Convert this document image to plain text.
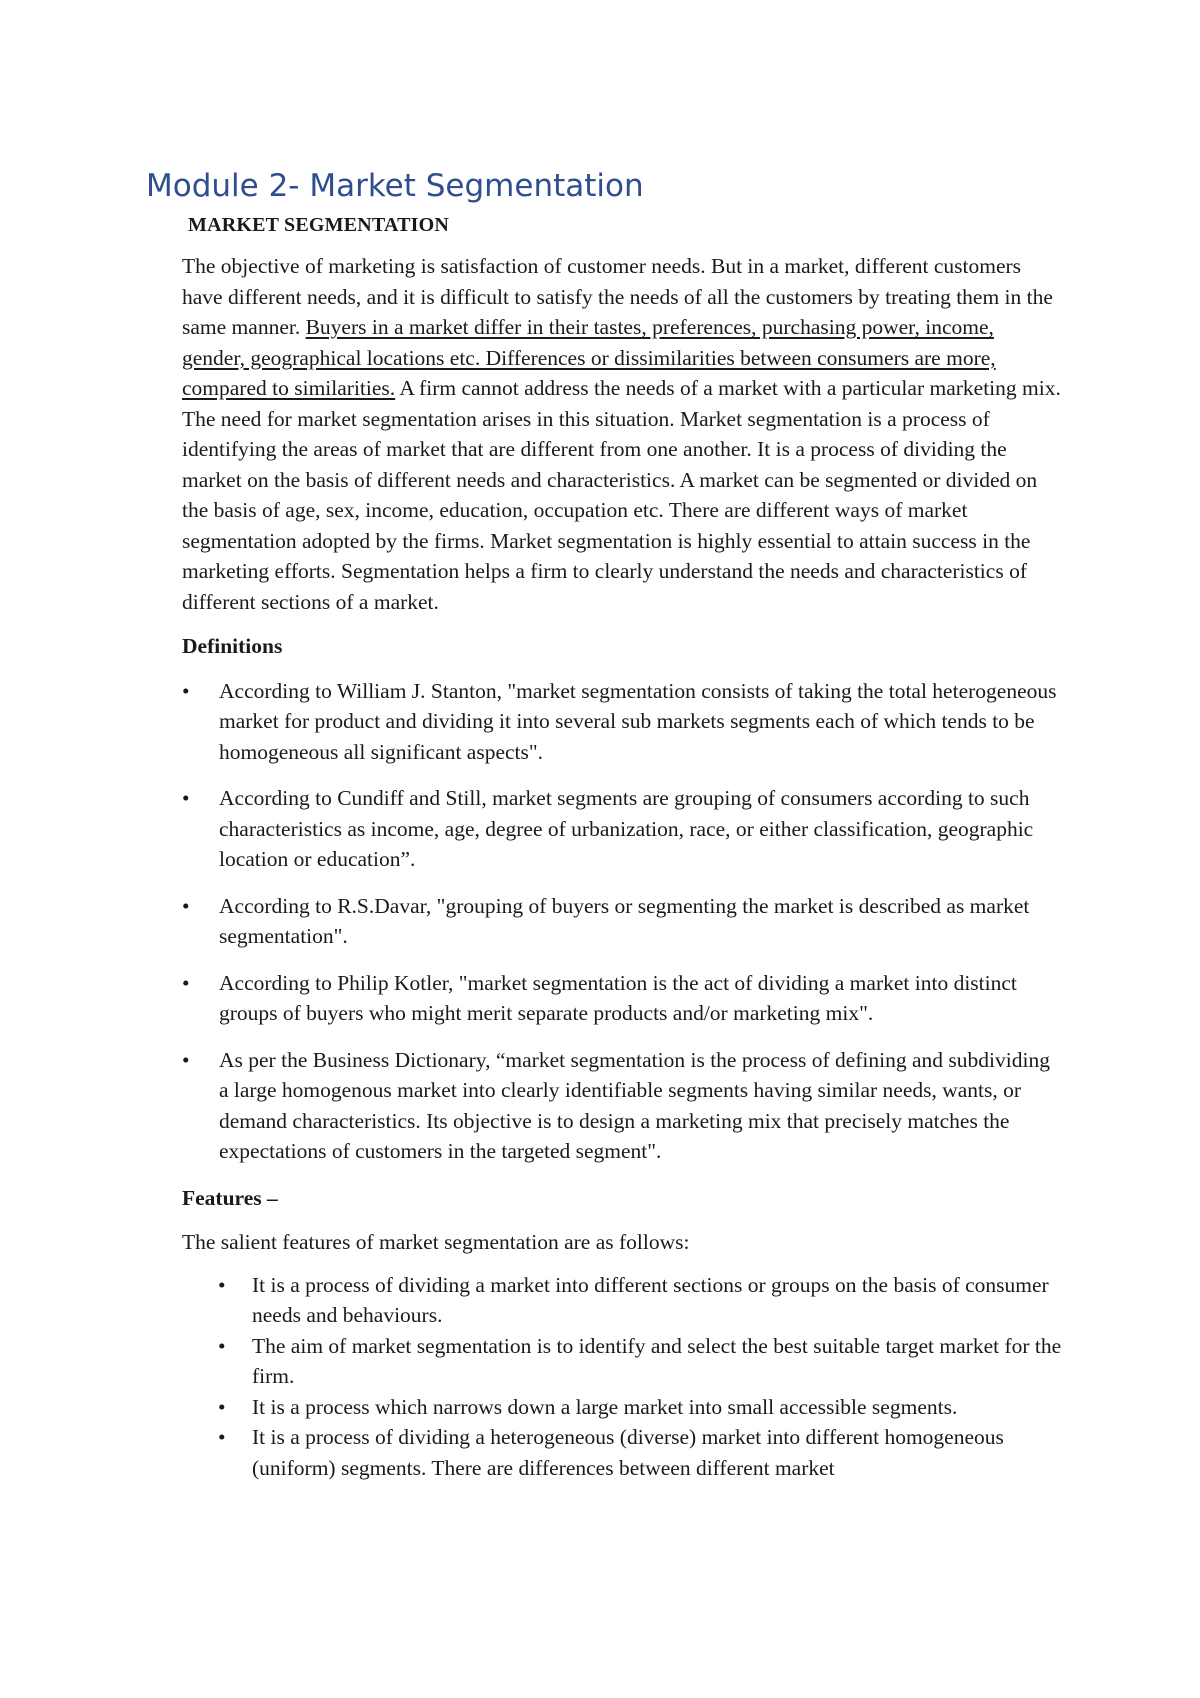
Module 2- Market Segmentation
MARKET SEGMENTATION

The objective of marketing is satisfaction of customer needs. But in a market, different customers have different needs, and it is difficult to satisfy the needs of all the customers by treating them in the same manner. Buyers in a market differ in their tastes, preferences, purchasing power, income, gender, geographical locations etc. Differences or dissimilarities between consumers are more, compared to similarities. A firm cannot address the needs of a market with a particular marketing mix. The need for market segmentation arises in this situation. Market segmentation is a process of identifying the areas of market that are different from one another. It is a process of dividing the market on the basis of different needs and characteristics. A market can be segmented or divided on the basis of age, sex, income, education, occupation etc. There are different ways of market segmentation adopted by the firms. Market segmentation is highly essential to attain success in the marketing efforts. Segmentation helps a firm to clearly understand the needs and characteristics of different sections of a market.

Definitions
•	According to William J. Stanton, "market segmentation consists of taking the total heterogeneous market for product and dividing it into several sub markets segments each of which tends to be homogeneous all significant aspects".
•	According to Cundiff and Still, market segments are grouping of consumers according to such characteristics as income, age, degree of urbanization, race, or either classification, geographic location or education”.
•	According to R.S.Davar, "grouping of buyers or segmenting the market is described as market segmentation".
•	According to Philip Kotler, "market segmentation is the act of dividing a market into distinct groups of buyers who might merit separate products and/or marketing mix".
•	As per the Business Dictionary, “market segmentation is the process of defining and subdividing a large homogenous market into clearly identifiable segments having similar needs, wants, or demand characteristics. Its objective is to design a marketing mix that precisely matches the expectations of customers in the targeted segment".
Features –

The salient features of market segmentation are as follows:

•	It is a process of dividing a market into different sections or groups on the basis of consumer needs and behaviours.
•	The aim of market segmentation is to identify and select the best suitable target market for the firm.
•	It is a process which narrows down a large market into small accessible segments.
•	It is a process of dividing a heterogeneous (diverse) market into different homogeneous (uniform) segments. There are differences between different market
